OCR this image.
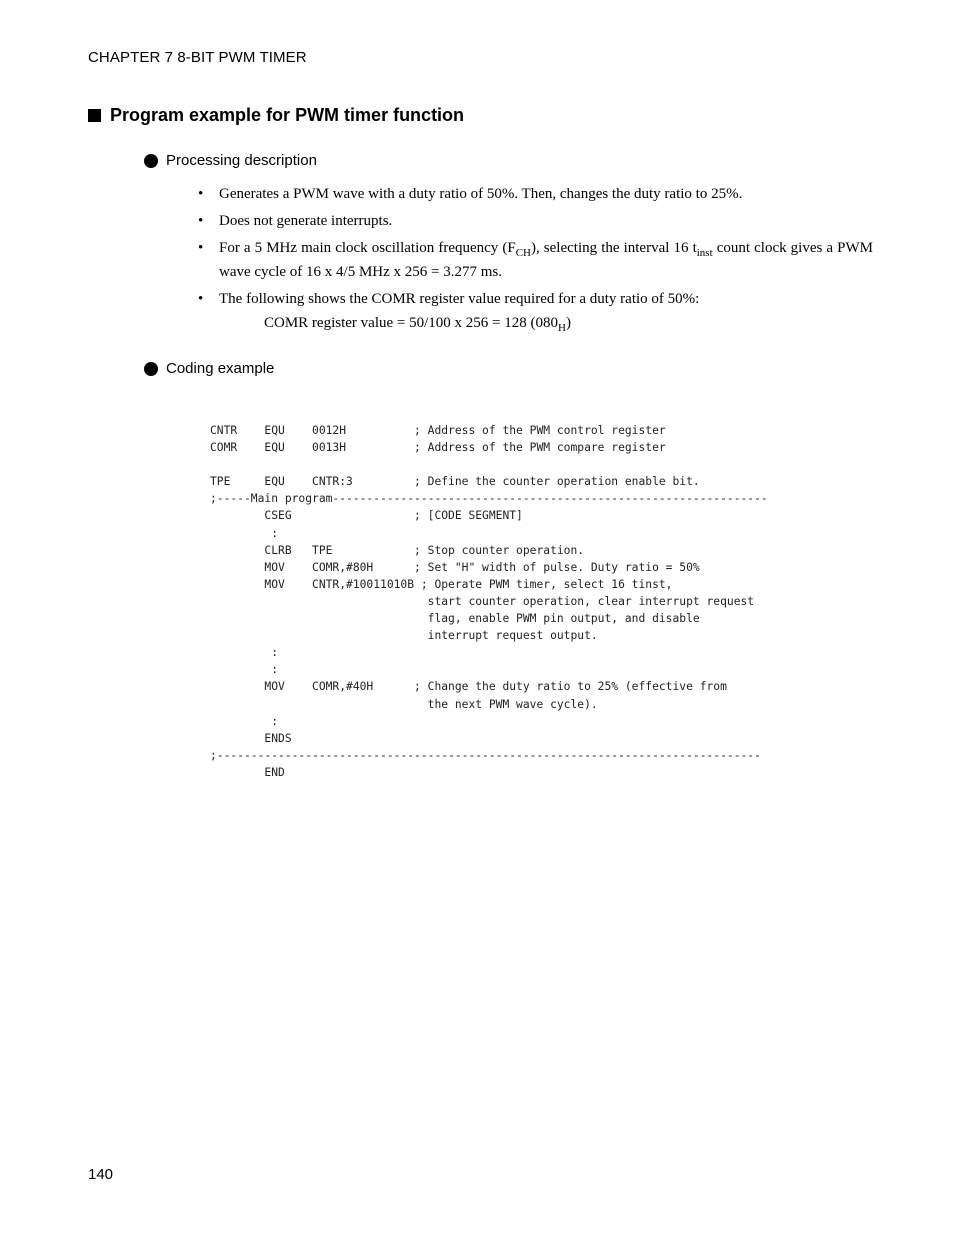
CHAPTER 7 8-BIT PWM TIMER
Program example for PWM timer function
Processing description
• Generates a PWM wave with a duty ratio of 50%. Then, changes the duty ratio to 25%.
• Does not generate interrupts.
• For a 5 MHz main clock oscillation frequency $(F_{CH})$, selecting the interval 16 $t_{inst}$ count clock gives a PWM wave cycle of 16 x 4/5 MHz x 256 = 3.277 ms.
• The following shows the COMR register value required for a duty ratio of 50%:
COMR register value = 50/100 x 256 = 128 $(080_H)$
Coding example
CNTR    EQU    0012H          ; Address of the PWM control register
COMR    EQU    0013H          ; Address of the PWM compare register

TPE     EQU    CNTR:3         ; Define the counter operation enable bit.
;-----Main program----------------------------------------------------------------
CSEG                  ; [CODE SEGMENT]
:
CLRB   TPE            ; Stop counter operation.
MOV    COMR,#80H      ; Set "H" width of pulse. Duty ratio = 50%
MOV    CNTR,#10011010B ; Operate PWM timer, select 16 tinst,
start counter operation, clear interrupt request
flag, enable PWM pin output, and disable
interrupt request output.
:
:
MOV    COMR,#40H      ; Change the duty ratio to 25% (effective from
the next PWM wave cycle).
:
ENDS
;--------------------------------------------------------------------------------
END
140
